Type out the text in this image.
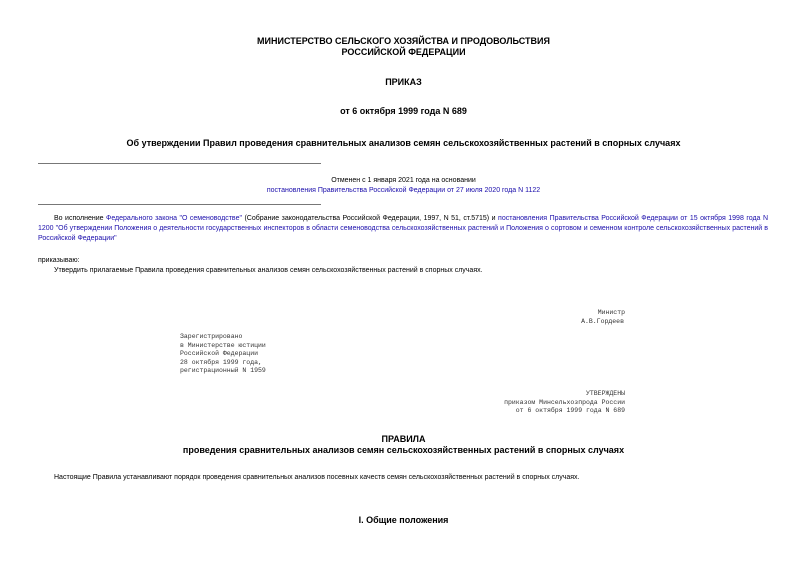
МИНИСТЕРСТВО СЕЛЬСКОГО ХОЗЯЙСТВА И ПРОДОВОЛЬСТВИЯ
РОССИЙСКОЙ ФЕДЕРАЦИИ
ПРИКАЗ
от 6 октября 1999 года N 689
Об утверждении Правил проведения сравнительных анализов семян сельскохозяйственных растений в спорных случаях
Отменен с 1 января 2021 года на основании
постановления Правительства Российской Федерации от 27 июля 2020 года N 1122
Во исполнение Федерального закона "О семеноводстве" (Собрание законодательства Российской Федерации, 1997, N 51, ст.5715) и постановления Правительства Российской Федерации от 15 октября 1998 года N 1200 "Об утверждении Положения о деятельности государственных инспекторов в области семеноводства сельскохозяйственных растений и Положения о сортовом и семенном контроле сельскохозяйственных растений в Российской Федерации"
приказываю:
Утвердить прилагаемые Правила проведения сравнительных анализов семян сельскохозяйственных растений в спорных случаях.
Министр
А.В.Гордеев
Зарегистрировано
в Министерстве юстиции
Российской Федерации
28 октября 1999 года,
регистрационный N 1959
УТВЕРЖДЕНЫ
приказом Минсельхозпрода России
от 6 октября 1999 года N 689
ПРАВИЛА
проведения сравнительных анализов семян сельскохозяйственных растений в спорных случаях
Настоящие Правила устанавливают порядок проведения сравнительных анализов посевных качеств семян сельскохозяйственных растений в спорных случаях.
I. Общие положения
